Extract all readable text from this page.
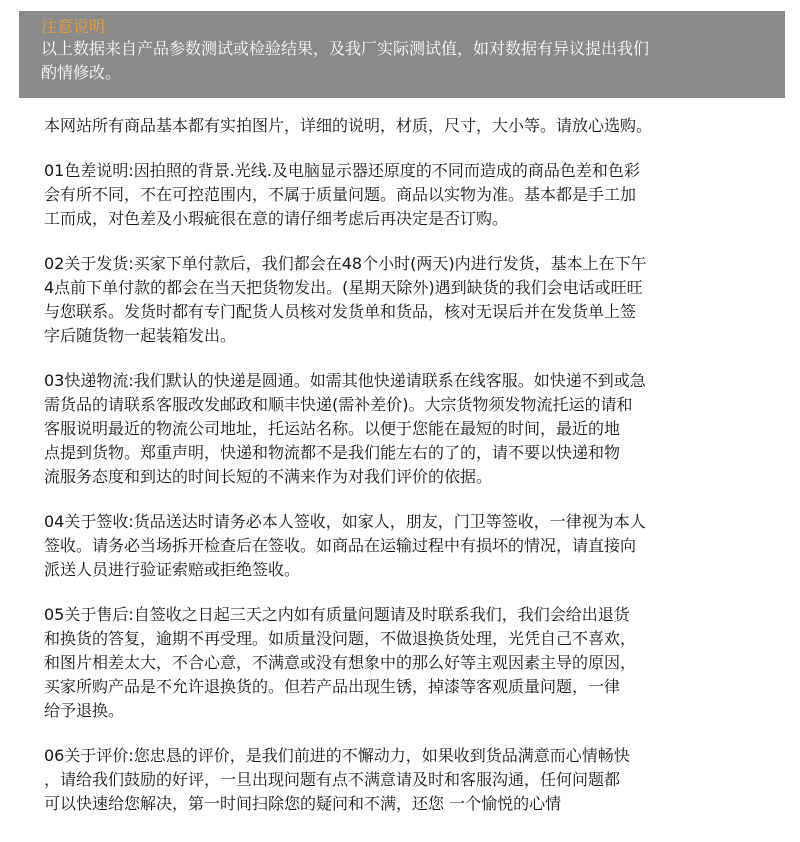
注意说明
以上数据来自产品参数测试或检验结果，及我厂实际测试值，如对数据有异议提出我们
酌情修改。

本网站所有商品基本都有实拍图片，详细的说明，材质，尺寸，大小等。请放心选购。

01色差说明:因拍照的背景.光线.及电脑显示器还原度的不同而造成的商品色差和色彩
会有所不同，不在可控范围内，不属于质量问题。商品以实物为准。基本都是手工加
工而成，对色差及小瑕疵很在意的请仔细考虑后再决定是否订购。

02关于发货:买家下单付款后，我们都会在48个小时(两天)内进行发货，基本上在下午
4点前下单付款的都会在当天把货物发出。(星期天除外)遇到缺货的我们会电话或旺旺
与您联系。发货时都有专门配货人员核对发货单和货品，核对无误后并在发货单上签
字后随货物一起装箱发出。

03快递物流:我们默认的快递是圆通。如需其他快递请联系在线客服。如快递不到或急
需货品的请联系客服改发邮政和顺丰快递(需补差价)。大宗货物须发物流托运的请和
客服说明最近的物流公司地址，托运站名称。以便于您能在最短的时间，最近的地
点提到货物。郑重声明，快递和物流都不是我们能左右的了的，请不要以快递和物
流服务态度和到达的时间长短的不满来作为对我们评价的依据。

04关于签收:货品送达时请务必本人签收，如家人，朋友，门卫等签收，一律视为本人
签收。请务必当场拆开检查后在签收。如商品在运输过程中有损坏的情况，请直接向
派送人员进行验证索赔或拒绝签收。

05关于售后:自签收之日起三天之内如有质量问题请及时联系我们，我们会给出退货
和换货的答复，逾期不再受理。如质量没问题，不做退换货处理，光凭自己不喜欢，
和图片相差太大，不合心意，不满意或没有想象中的那么好等主观因素主导的原因，
买家所购产品是不允许退换货的。但若产品出现生锈，掉漆等客观质量问题，一律
给予退换。

06关于评价:您忠恳的评价，是我们前进的不懈动力，如果收到货品满意而心情畅快
，请给我们鼓励的好评，一旦出现问题有点不满意请及时和客服沟通，任何问题都
可以快速给您解决，第一时间扫除您的疑问和不满，还您 一个愉悦的心情
